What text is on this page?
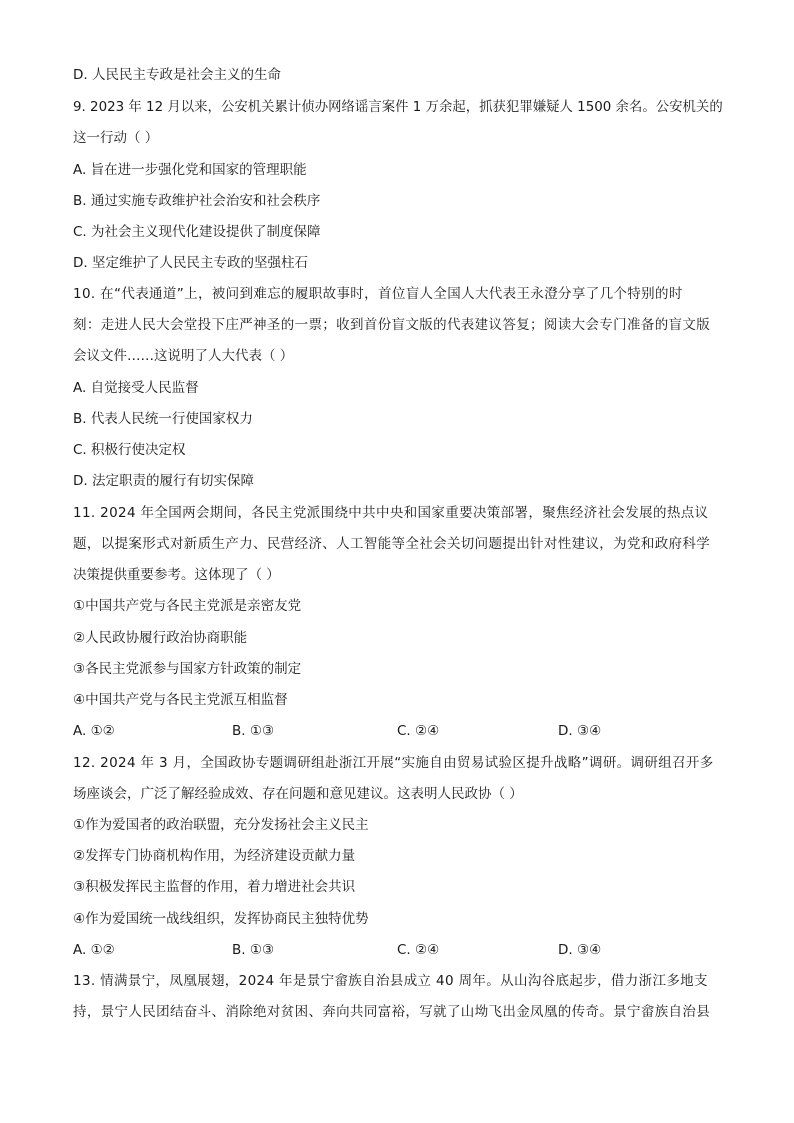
D. 人民民主专政是社会主义的生命
9. 2023 年 12 月以来，公安机关累计侦办网络谣言案件 1 万余起，抓获犯罪嫌疑人 1500 余名。公安机关的
这一行动（ ）
A. 旨在进一步强化党和国家的管理职能
B. 通过实施专政维护社会治安和社会秩序
C. 为社会主义现代化建设提供了制度保障
D. 坚定维护了人民民主专政的坚强柱石
10. 在“代表通道”上，被问到难忘的履职故事时，首位盲人全国人大代表王永澄分享了几个特别的时
刻：走进人民大会堂投下庄严神圣的一票；收到首份盲文版的代表建议答复；阅读大会专门准备的盲文版
会议文件……这说明了人大代表（ ）
A. 自觉接受人民监督
B. 代表人民统一行使国家权力
C. 积极行使决定权
D. 法定职责的履行有切实保障
11. 2024 年全国两会期间，各民主党派围绕中共中央和国家重要决策部署，聚焦经济社会发展的热点议
题，以提案形式对新质生产力、民营经济、人工智能等全社会关切问题提出针对性建议，为党和政府科学
决策提供重要参考。这体现了（ ）
①中国共产党与各民主党派是亲密友党
②人民政协履行政治协商职能
③各民主党派参与国家方针政策的制定
④中国共产党与各民主党派互相监督
A. ①②	B. ①③	C. ②④	D. ③④
12. 2024 年 3 月，全国政协专题调研组赴浙江开展“实施自由贸易试验区提升战略”调研。调研组召开多
场座谈会，广泛了解经验成效、存在问题和意见建议。这表明人民政协（ ）
①作为爱国者的政治联盟，充分发扬社会主义民主
②发挥专门协商机构作用，为经济建设贡献力量
③积极发挥民主监督的作用，着力增进社会共识
④作为爱国统一战线组织，发挥协商民主独特优势
A. ①②	B. ①③	C. ②④	D. ③④
13. 情满景宁，凤凰展翅，2024 年是景宁畲族自治县成立 40 周年。从山沟谷底起步，借力浙江多地支
持，景宁人民团结奋斗、消除绝对贫困、奔向共同富裕，写就了山坳飞出金凤凰的传奇。景宁畲族自治县
